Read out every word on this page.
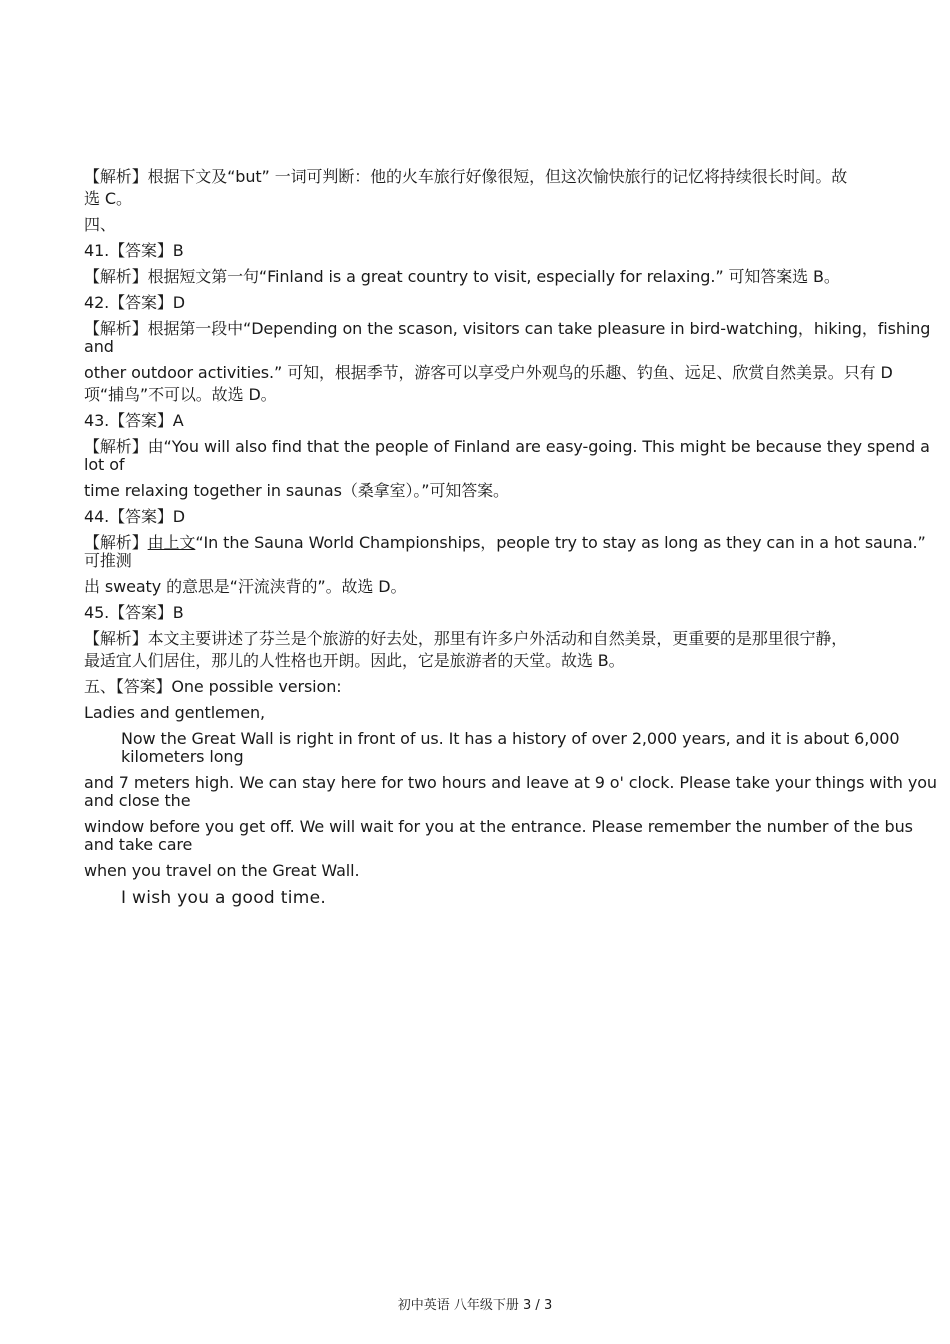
【解析】根据下文及“but” 一词可判断：他的火车旅行好像很短，但这次愉快旅行的记忆将持续很长时间。故
选 C。
四、
41.【答案】B
【解析】根据短文第一句“Finland is a great country to visit, especially for relaxing.” 可知答案选 B。
42.【答案】D
【解析】根据第一段中“Depending on the scason, visitors can take pleasure in bird-watching，hiking，fishing and
other outdoor activities.” 可知，根据季节，游客可以享受户外观鸟的乐趣、钓鱼、远足、欣赏自然美景。只有 D
项“捕鸟”不可以。故选 D。
43.【答案】A
【解析】由“You will also find that the people of Finland are easy-going. This might be because they spend a lot of
time relaxing together in saunas（桑拿室）。”可知答案。
44.【答案】D
【解析】由上文“In the Sauna World Championships，people try to stay as long as they can in a hot sauna.” 可推测
出 sweaty 的意思是“汗流浃背的”。故选 D。
45.【答案】B
【解析】本文主要讲述了芬兰是个旅游的好去处，那里有许多户外活动和自然美景，更重要的是那里很宁静，
最适宜人们居住，那儿的人性格也开朗。因此，它是旅游者的天堂。故选 B。
五、【答案】One possible version:
Ladies and gentlemen,
Now the Great Wall is right in front of us. It has a history of over 2,000 years, and it is about 6,000 kilometers long
and 7 meters high. We can stay here for two hours and leave at 9 o' clock. Please take your things with you and close the
window before you get off. We will wait for you at the entrance. Please remember the number of the bus and take care
when you travel on the Great Wall.
I wish you a good time.
初中英语 八年级下册 3 / 3
